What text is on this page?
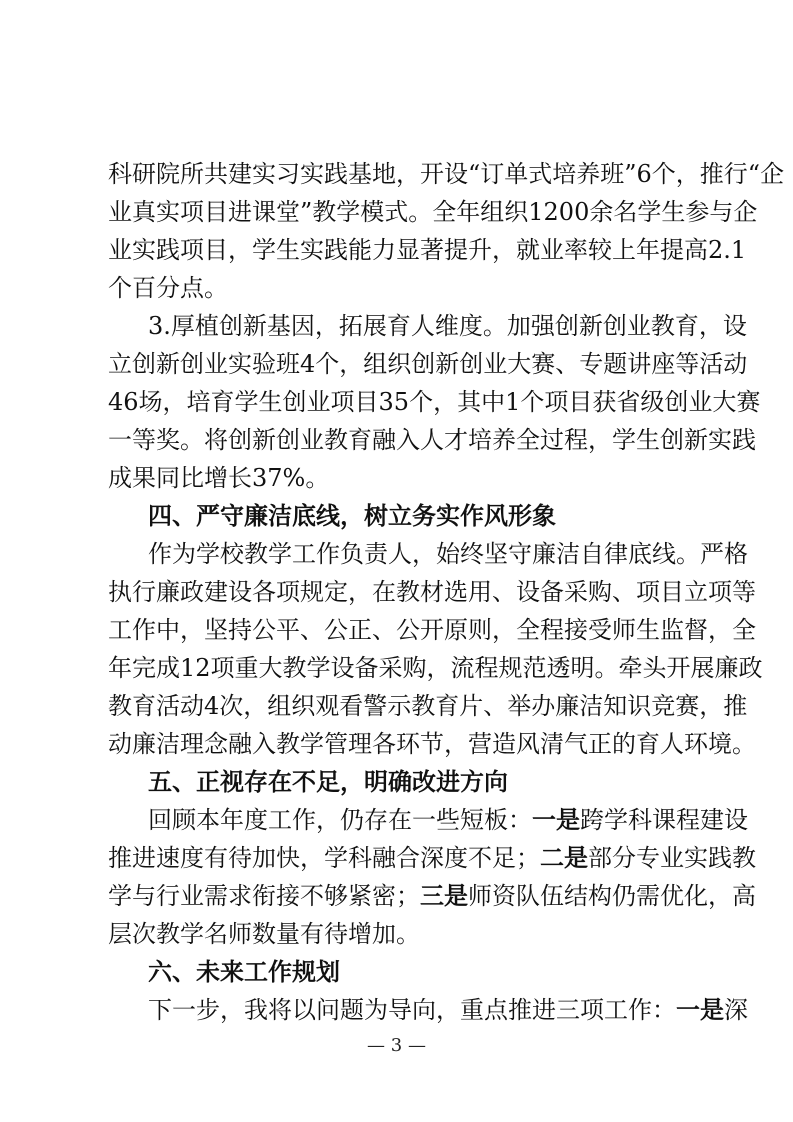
科研院所共建实习实践基地，开设“订单式培养班”6个，推行“企
业真实项目进课堂”教学模式。全年组织1200余名学生参与企
业实践项目，学生实践能力显著提升，就业率较上年提高2.1
个百分点。
3.厚植创新基因，拓展育人维度。加强创新创业教育，设
立创新创业实验班4个，组织创新创业大赛、专题讲座等活动
46场，培育学生创业项目35个，其中1个项目获省级创业大赛
一等奖。将创新创业教育融入人才培养全过程，学生创新实践
成果同比增长37%。
四、严守廉洁底线，树立务实作风形象
作为学校教学工作负责人，始终坚守廉洁自律底线。严格
执行廉政建设各项规定，在教材选用、设备采购、项目立项等
工作中，坚持公平、公正、公开原则，全程接受师生监督，全
年完成12项重大教学设备采购，流程规范透明。牵头开展廉政
教育活动4次，组织观看警示教育片、举办廉洁知识竞赛，推
动廉洁理念融入教学管理各环节，营造风清气正的育人环境。
五、正视存在不足，明确改进方向
回顾本年度工作，仍存在一些短板：一是跨学科课程建设
推进速度有待加快，学科融合深度不足；二是部分专业实践教
学与行业需求衔接不够紧密；三是师资队伍结构仍需优化，高
层次教学名师数量有待增加。
六、未来工作规划
下一步，我将以问题为导向，重点推进三项工作：一是深
— 3 —
